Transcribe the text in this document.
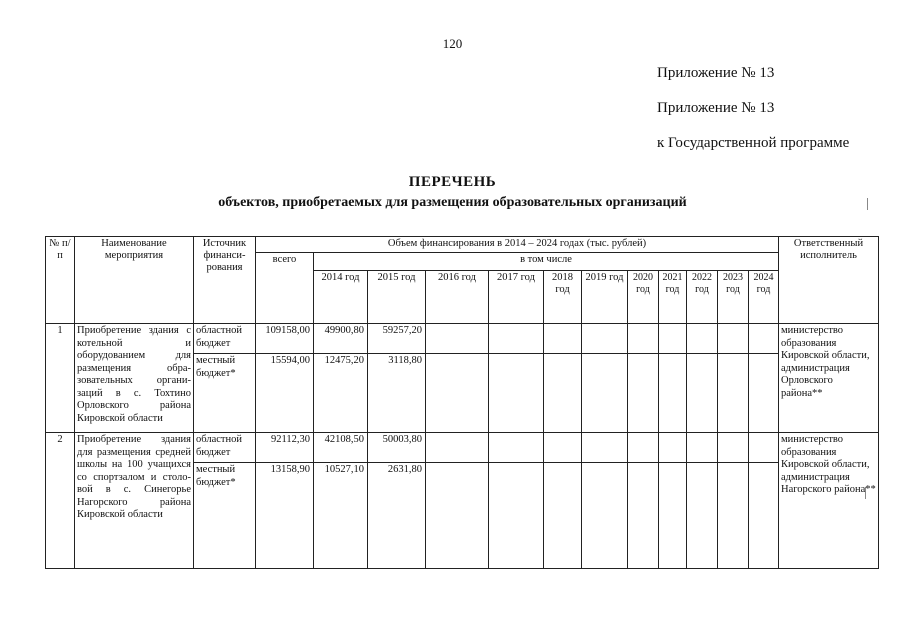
120
Приложение № 13
Приложение № 13
к Государственной программе
ПЕРЕЧЕНЬ
объектов, приобретаемых для размещения образовательных организаций
№ п/п	Наименование мероприятия	Источник финанси-рования	Объем финансирования в 2014 – 2024 годах (тыс. рублей)												Ответственный исполнитель
			всего	в том числе											
				2014 год	2015 год	2016 год	2017 год	2018 год	2019 год	2020 год	2021 год	2022 год	2023 год	2024 год	
1	Приобретение здания с котельной и оборудованием для размещения обра-зовательных органи-заций в с. Тохтино Орловского района Кировской области	областной бюджет	109158,00	49900,80	59257,20										министерство образования Кировской области, администрация Орловского района**
		местный бюджет*	15594,00	12475,20	3118,80										
2	Приобретение здания для размещения средней школы на 100 учащихся со спортзалом и столо-вой в с. Синегорье Нагорского района Кировской области	областной бюджет	92112,30	42108,50	50003,80										министерство образования Кировской области, администрация Нагорского района**
		местный бюджет*	13158,90	10527,10	2631,80										
